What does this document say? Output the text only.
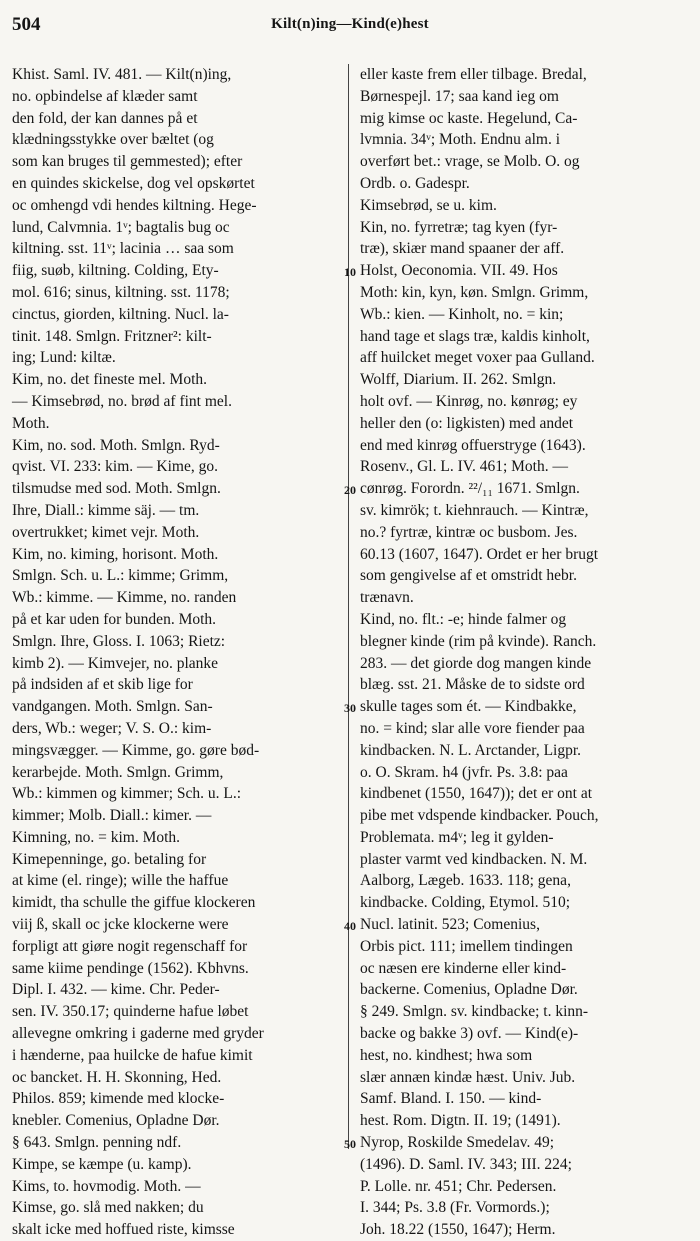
504	Kilt(n)ing—Kind(e)hest
Khist. Saml. IV. 481. — Kilt(n)ing,
no. opbindelse af klæder samt
den fold, der kan dannes på et
klædningsstykke over bæltet (og
som kan bruges til gemmested); efter
en quindes skickelse, dog vel opskørtet
oc omhengd vdi hendes kiltning. Hege-
lund, Calvmnia. 1ᵛ; bagtalis bug oc
kiltning. sst. 11ᵛ; lacinia … saa som
fiig, suøb, kiltning. Colding, Ety-
mol. 616; sinus, kiltning. sst. 1178;
cinctus, giorden, kiltning. Nucl. la-
tinit. 148. Smlgn. Fritzner²: kilt-
ing; Lund: kiltæ.
Kim, no. det fineste mel. Moth.
— Kimsebrød, no. brød af fint mel.
Moth.
Kim, no. sod. Moth. Smlgn. Ryd-
qvist. VI. 233: kim. — Kime, go.
tilsmudse med sod. Moth. Smlgn.
Ihre, Diall.: kimme säj. — tm.
overtrukket; kimet vejr. Moth.
Kim, no. kiming, horisont. Moth.
Smlgn. Sch. u. L.: kimme; Grimm,
Wb.: kimme. — Kimme, no. randen
på et kar uden for bunden. Moth.
Smlgn. Ihre, Gloss. I. 1063; Rietz:
kimb 2). — Kimvejer, no. planke
på indsiden af et skib lige for
vandgangen. Moth. Smlgn. San-
ders, Wb.: weger; V. S. O.: kim-
mingsvægger. — Kimme, go. gøre bød-
kerarbejde. Moth. Smlgn. Grimm,
Wb.: kimmen og kimmer; Sch. u. L.:
kimmer; Molb. Diall.: kimer. —
Kimning, no. = kim. Moth.
Kimepenninge, go. betaling for
at kime (el. ringe); wille the haffue
kimidt, tha schulle the giffue klockeren
viij ß, skall oc jcke klockerne were
forpligt att giøre nogit regenschaff for
same kiime pendinge (1562). Kbhvns.
Dipl. I. 432. — kime. Chr. Peder-
sen. IV. 350.17; quinderne hafue løbet
allevegne omkring i gaderne med gryder
i hænderne, paa huilcke de hafue kimit
oc bancket. H. H. Skonning, Hed.
Philos. 859; kimende med klocke-
knebler. Comenius, Opladne Dør.
§ 643. Smlgn. penning ndf.
Kimpe, se kæmpe (u. kamp).
Kims, to. hovmodig. Moth. —
Kimse, go. slå med nakken; du
skalt icke med hoffued riste, kimsse
10
20
30
40
50
eller kaste frem eller tilbage. Bredal,
Børnespejl. 17; saa kand ieg om
mig kimse oc kaste. Hegelund, Ca-
lvmnia. 34ᵛ; Moth. Endnu alm. i
overført bet.: vrage, se Molb. O. og
Ordb. o. Gadespr.
Kimsebrød, se u. kim.
Kin, no. fyrretræ; tag kyen (fyr-
træ), skiær mand spaaner der aff.
Holst, Oeconomia. VII. 49. Hos
Moth: kin, kyn, køn. Smlgn. Grimm,
Wb.: kien. — Kinholt, no. = kin;
hand tage et slags træ, kaldis kinholt,
aff huilcket meget voxer paa Gulland.
Wolff, Diarium. II. 262. Smlgn.
holt ovf. — Kinrøg, no. kønrøg; ey
heller den (o: ligkisten) med andet
end med kinrøg offuerstryge (1643).
Rosenv., Gl. L. IV. 461; Moth. —
cønrøg. Forordn. ²²/₁₁ 1671. Smlgn.
sv. kimrök; t. kiehnrauch. — Kintræ,
no.? fyrtræ, kintræ oc busbom. Jes.
60.13 (1607, 1647). Ordet er her brugt
som gengivelse af et omstridt hebr.
trænavn.
Kind, no. flt.: -e; hinde falmer og
blegner kinde (rim på kvinde). Ranch.
283. — det giorde dog mangen kinde
blæg. sst. 21. Måske de to sidste ord
skulle tages som ét. — Kindbakke,
no. = kind; slar alle vore fiender paa
kindbacken. N. L. Arctander, Ligpr.
o. O. Skram. h4 (jvfr. Ps. 3.8: paa
kindbenet (1550, 1647)); det er ont at
pibe met vdspende kindbacker. Pouch,
Problemata. m4ᵛ; leg it gylden-
plaster varmt ved kindbacken. N. M.
Aalborg, Lægeb. 1633. 118; gena,
kindbacke. Colding, Etymol. 510;
Nucl. latinit. 523; Comenius,
Orbis pict. 111; imellem tindingen
oc næsen ere kinderne eller kind-
backerne. Comenius, Opladne Dør.
§ 249. Smlgn. sv. kindbacke; t. kinn-
backe og bakke 3) ovf. — Kind(e)-
hest, no. kindhest; hwa som
slær annæn kindæ hæst. Univ. Jub.
Samf. Bland. I. 150. — kind-
hest. Rom. Digtn. II. 19; (1491).
Nyrop, Roskilde Smedelav. 49;
(1496). D. Saml. IV. 343; III. 224;
P. Lolle. nr. 451; Chr. Pedersen.
I. 344; Ps. 3.8 (Fr. Vormords.);
Joh. 18.22 (1550, 1647); Herm.
